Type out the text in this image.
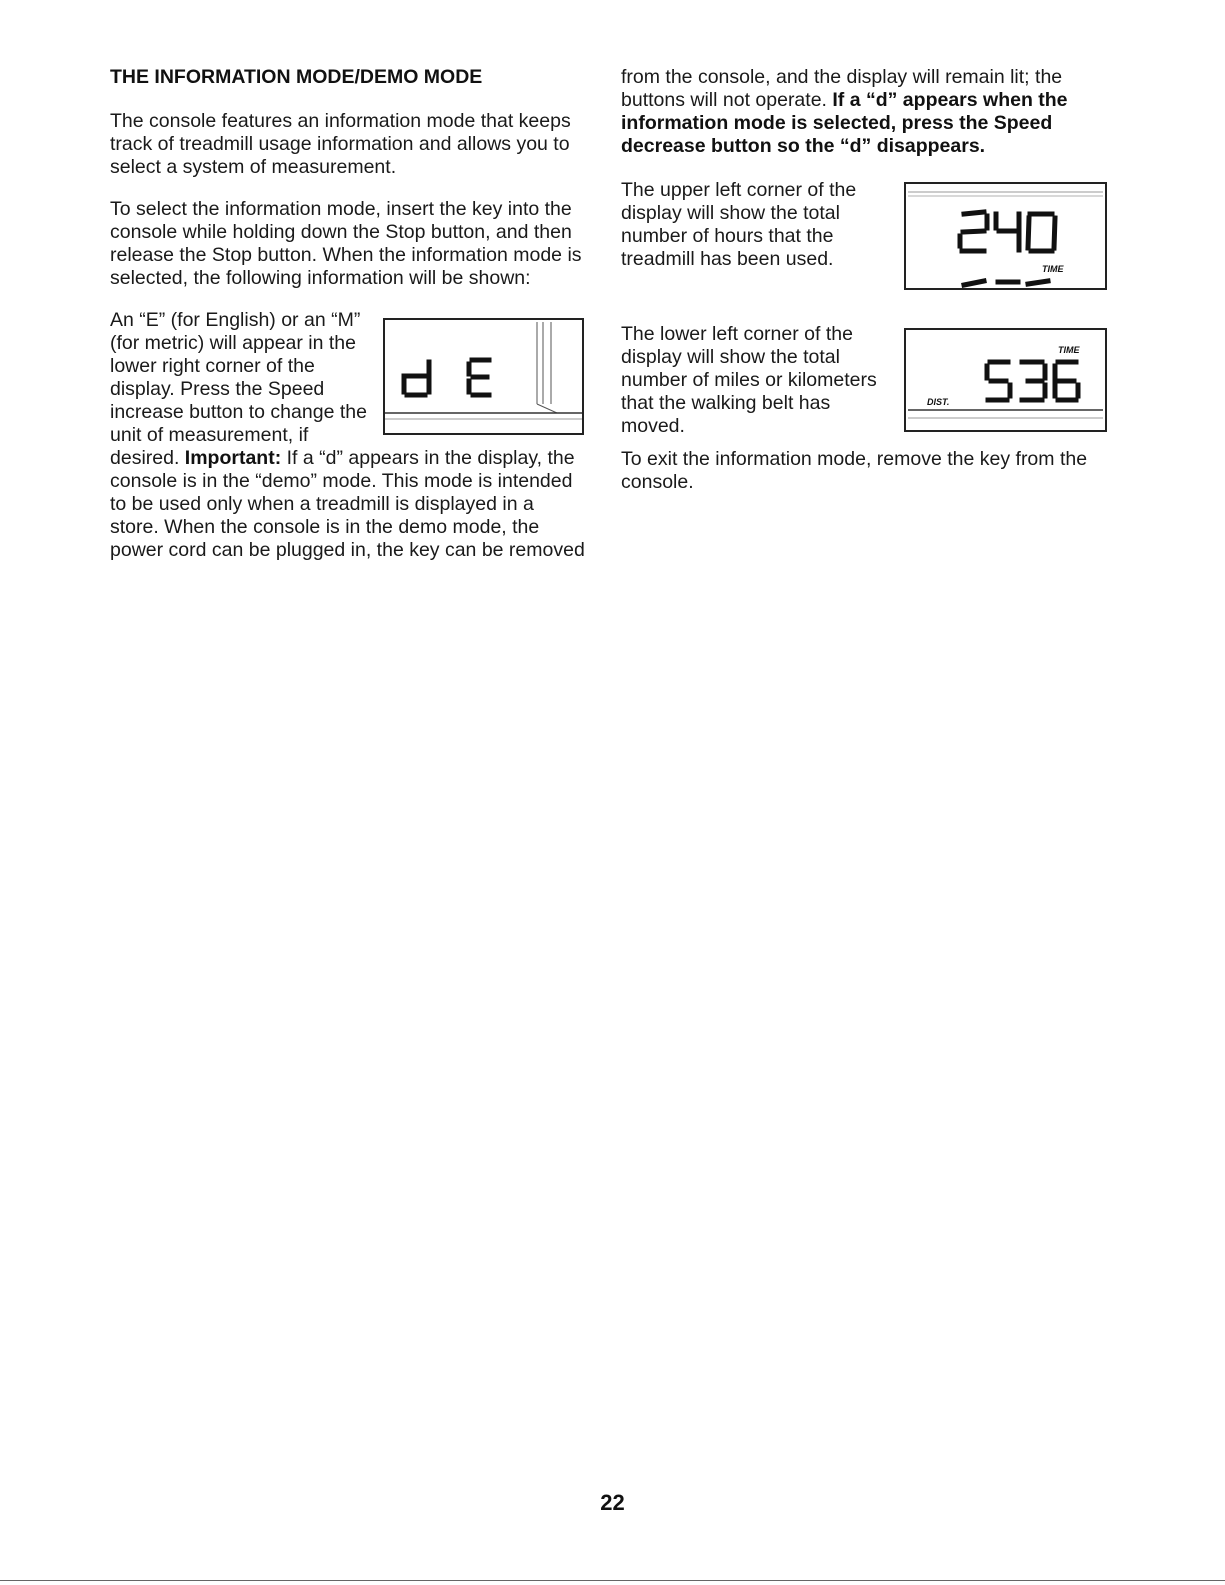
THE INFORMATION MODE/DEMO MODE

The console features an information mode that keeps track of treadmill usage information and allows you to select a system of measurement.

To select the information mode, insert the key into the console while holding down the Stop button, and then release the Stop button. When the information mode is selected, the following information will be shown:

An “E” (for English) or an “M” (for metric) will appear in the lower right corner of the display. Press the Speed increase button to change the unit of measurement, if desired. Important: If a “d” appears in the display, the console is in the “demo” mode. This mode is intended to be used only when a treadmill is displayed in a store. When the console is in the demo mode, the power cord can be plugged in, the key can be removed

from the console, and the display will remain lit; the buttons will not operate. If a “d” appears when the information mode is selected, press the Speed decrease button so the “d” disappears.

TIME

The upper left corner of the display will show the total number of hours that the treadmill has been used.

TIME
DIST.

The lower left corner of the display will show the total number of miles or kilometers that the walking belt has moved.

To exit the information mode, remove the key from the console.

22
